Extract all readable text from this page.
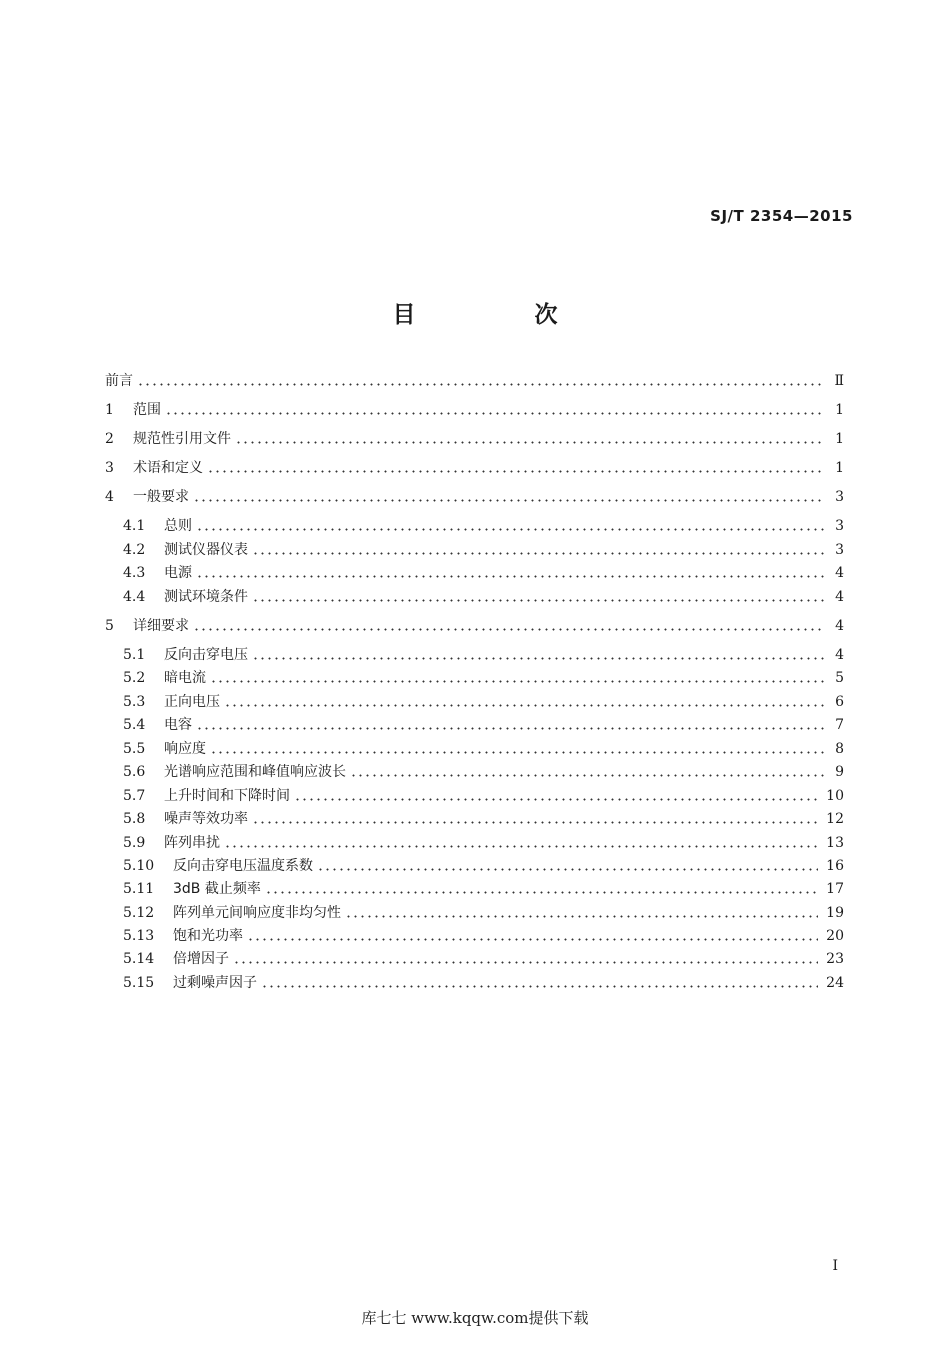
SJ/T 2354—2015
目　次
前言	Ⅱ
1	范围	1
2	规范性引用文件	1
3	术语和定义	1
4	一般要求	3
4.1	总则	3
4.2	测试仪器仪表	3
4.3	电源	4
4.4	测试环境条件	4
5	详细要求	4
5.1	反向击穿电压	4
5.2	暗电流	5
5.3	正向电压	6
5.4	电容	7
5.5	响应度	8
5.6	光谱响应范围和峰值响应波长	9
5.7	上升时间和下降时间	10
5.8	噪声等效功率	12
5.9	阵列串扰	13
5.10	反向击穿电压温度系数	16
5.11	3dB 截止频率	17
5.12	阵列单元间响应度非均匀性	19
5.13	饱和光功率	20
5.14	倍增因子	23
5.15	过剩噪声因子	24
I
库七七 www.kqqw.com提供下载
